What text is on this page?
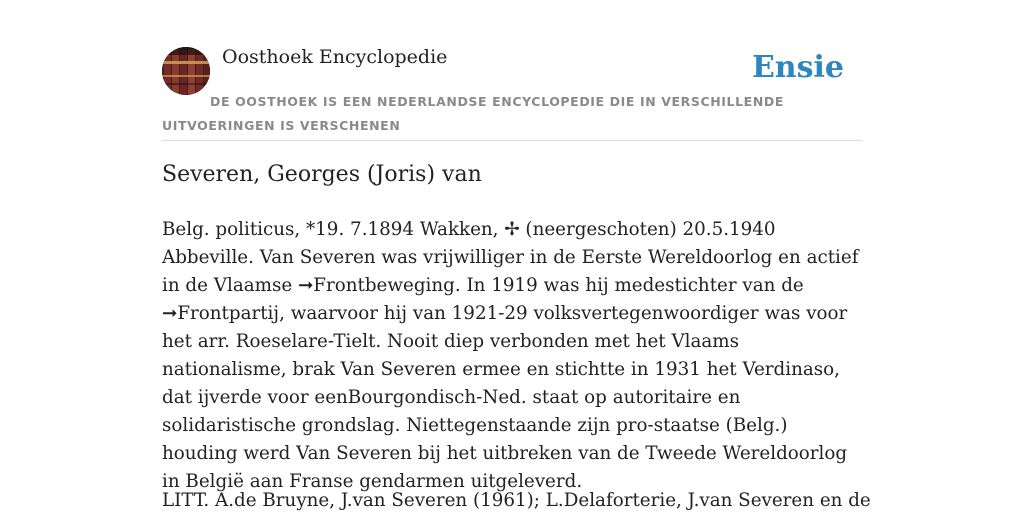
Oosthoek Encyclopedie	Ensie

DE OOSTHOEK IS EEN NEDERLANDSE ENCYCLOPEDIE DIE IN VERSCHILLENDE UITVOERINGEN IS VERSCHENEN

Severen, Georges (Joris) van

Belg. politicus, *19. 7.1894 Wakken, ✢ (neergeschoten) 20.5.1940 Abbeville. Van Severen was vrijwilliger in de Eerste Wereldoorlog en actief in de Vlaamse ➞Frontbeweging. In 1919 was hij medestichter van de ➞Frontpartij, waarvoor hij van 1921-29 volksvertegenwoordiger was voor het arr. Roeselare-Tielt. Nooit diep verbonden met het Vlaams nationalisme, brak Van Severen ermee en stichtte in 1931 het Verdinaso, dat ijverde voor eenBourgondisch-Ned. staat op autoritaire en solidaristische grondslag. Niettegenstaande zijn pro-staatse (Belg.) houding werd Van Severen bij het uitbreken van de Tweede Wereldoorlog in België aan Franse gendarmen uitgeleverd.

LITT. A.de Bruyne, J.van Severen (1961); L.Delaforterie, J.van Severen en de
